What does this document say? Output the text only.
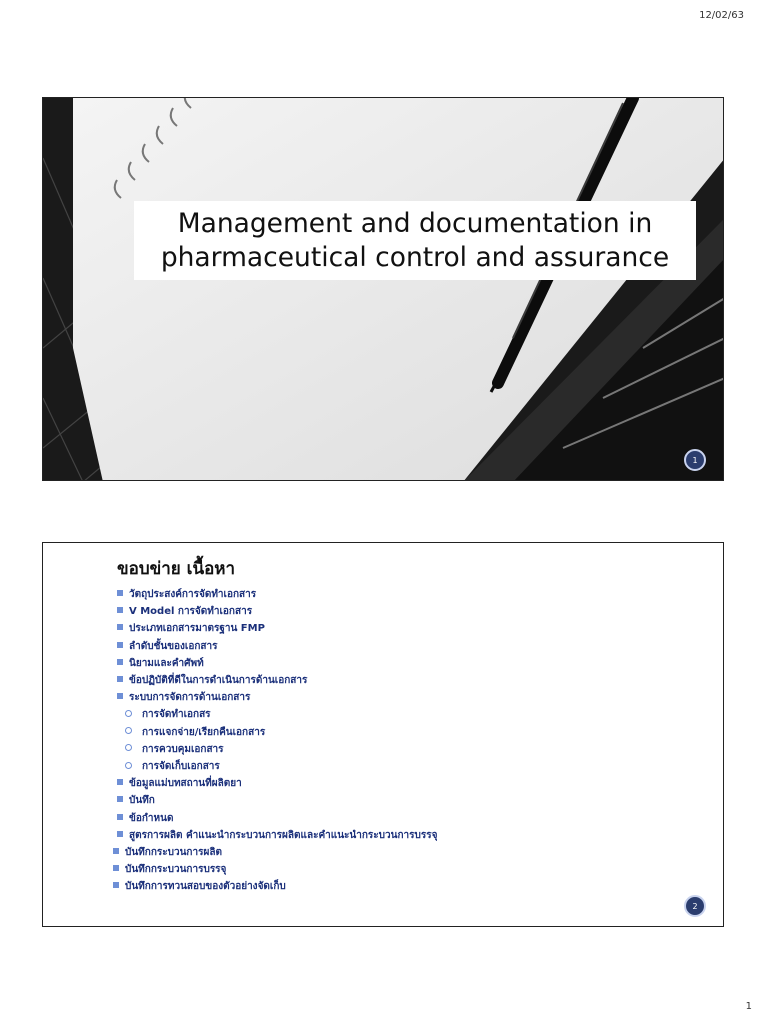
12/02/63
Management and documentation in
pharmaceutical control and assurance
1
ขอบข่าย เนื้อหา
วัตถุประสงค์การจัดทำเอกสาร
V Model การจัดทำเอกสาร
ประเภทเอกสารมาตรฐาน FMP
ลำดับชั้นของเอกสาร
นิยามและคำศัพท์
ข้อปฏิบัติที่ดีในการดำเนินการด้านเอกสาร
ระบบการจัดการด้านเอกสาร
การจัดทำเอกสร
การแจกจ่าย/เรียกคืนเอกสาร
การควบคุมเอกสาร
การจัดเก็บเอกสาร
ข้อมูลแม่บทสถานที่ผลิตยา
บันทึก
ข้อกำหนด
สูตรการผลิต คำแนะนำกระบวนการผลิตและคำแนะนำกระบวนการบรรจุ
บันทึกกระบวนการผลิต
บันทึกกระบวนการบรรจุ
บันทึกการทวนสอบของตัวอย่างจัดเก็บ
2
1
